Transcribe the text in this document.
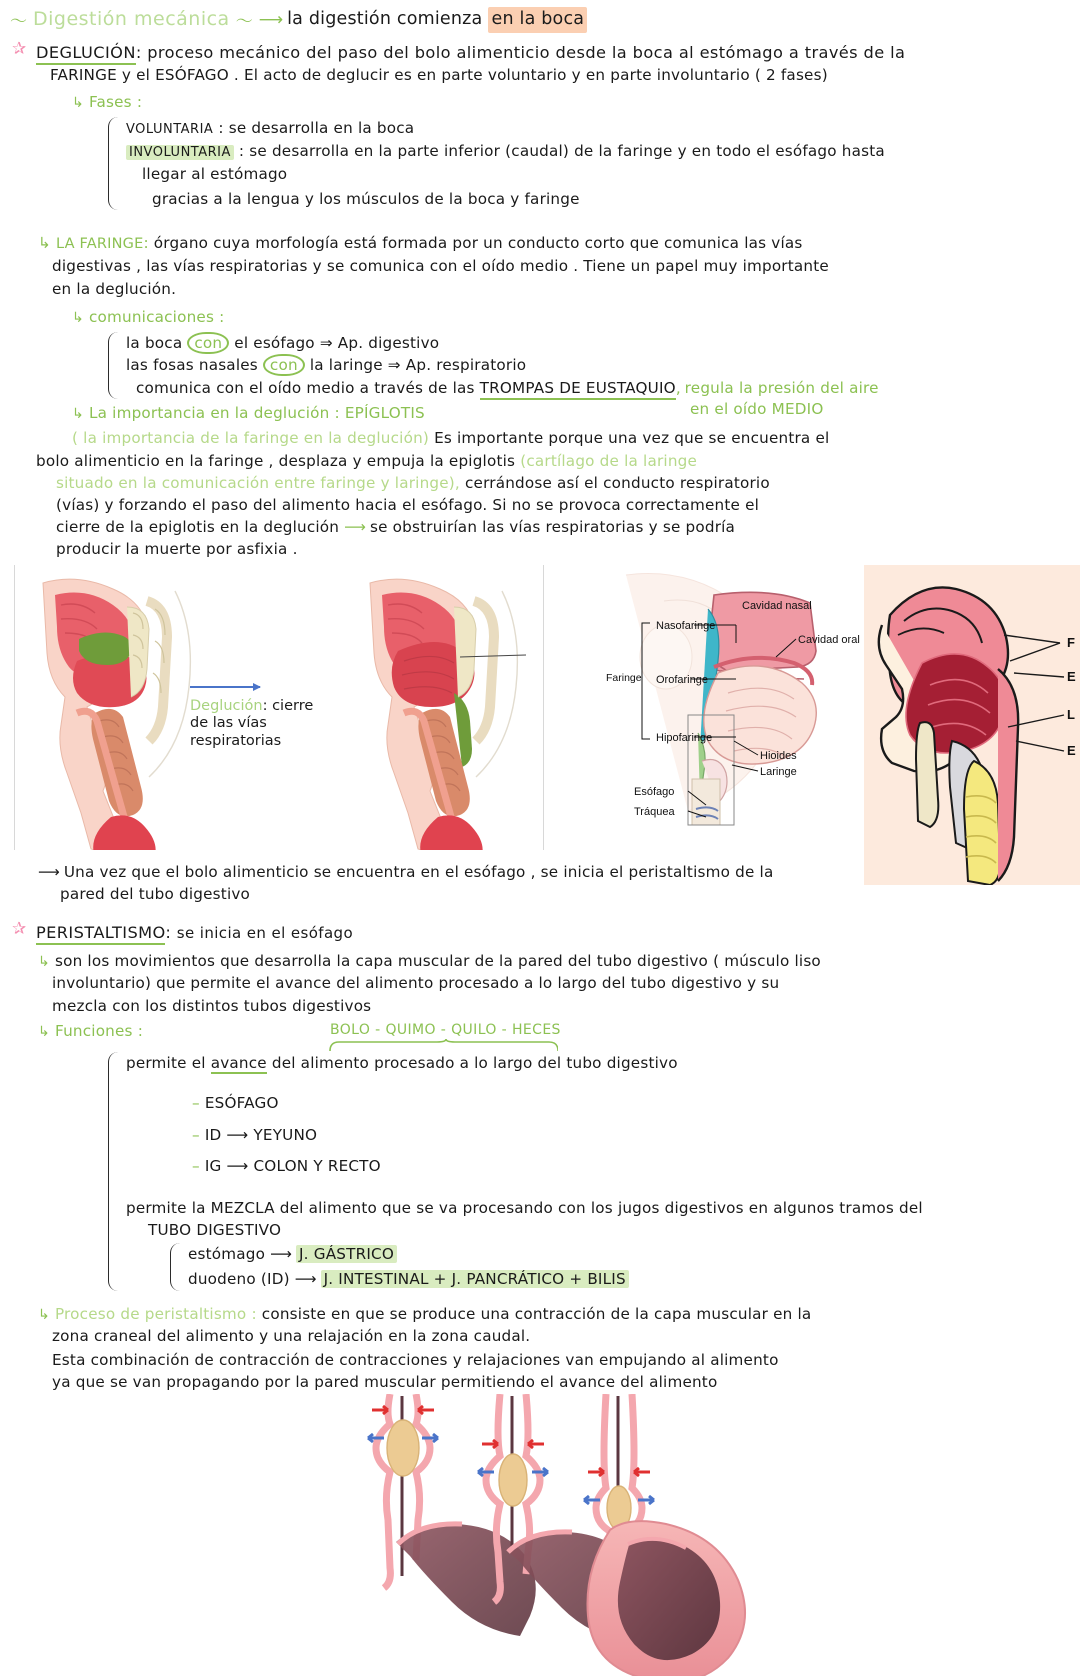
〜 Digestión mecánica 〜 ⟶ la digestión comienza en la boca
✰ DEGLUCIÓN: proceso mecánico del paso del bolo alimenticio desde la boca al estómago a través de la
FARINGE y el ESÓFAGO . El acto de deglucir es en parte voluntario y en parte involuntario ( 2 fases)
↳ Fases :
VOLUNTARIA : se desarrolla en la boca
INVOLUNTARIA : se desarrolla en la parte inferior (caudal) de la faringe y en todo el esófago hasta
llegar al estómago
gracias a la lengua y los músculos de la boca y faringe
↳ LA FARINGE: órgano cuya morfología está formada por un conducto corto que comunica las vías
digestivas , las vías respiratorias y se comunica con el oído medio . Tiene un papel muy importante
en la deglución.
↳ comunicaciones :
la boca con el esófago ⇒ Ap. digestivo
las fosas nasales con la laringe ⇒ Ap. respiratorio
comunica con el oído medio a través de las TROMPAS DE EUSTAQUIO, regula la presión del aire
en el oído MEDIO
↳ La importancia en la deglución : EPÍGLOTIS
( la importancia de la faringe en la deglución) Es importante porque una vez que se encuentra el
bolo alimenticio en la faringe , desplaza y empuja la epiglotis (cartílago de la laringe
situado en la comunicación entre faringe y laringe), cerrándose así el conducto respiratorio
(vías) y forzando el paso del alimento hacia el esófago. Si no se provoca correctamente el
cierre de la epiglotis en la deglución ⟶ se obstruirían las vías respiratorias y se podría
producir la muerte por asfixia .
Deglución: cierre
de las vías
respiratorias
Faringe
Nasofaringe
Orofaringe
Hipofaringe
Cavidad nasal
Cavidad oral
Hioides
Laringe
Esófago
Tráquea
F
E
L
E
⟶ Una vez que el bolo alimenticio se encuentra en el esófago , se inicia el peristaltismo de la
pared del tubo digestivo
✰ PERISTALTISMO: se inicia en el esófago
↳ son los movimientos que desarrolla la capa muscular de la pared del tubo digestivo ( músculo liso
involuntario) que permite el avance del alimento procesado a lo largo del tubo digestivo y su
mezcla con los distintos tubos digestivos
↳ Funciones :	BOLO - QUIMO - QUILO - HECES
permite el avance del alimento procesado a lo largo del tubo digestivo
– ESÓFAGO
– ID ⟶ YEYUNO
– IG ⟶ COLON Y RECTO
permite la MEZCLA del alimento que se va procesando con los jugos digestivos en algunos tramos del
TUBO DIGESTIVO
estómago ⟶ J. GÁSTRICO
duodeno (ID) ⟶ J. INTESTINAL + J. PANCRÁTICO + BILIS
↳ Proceso de peristaltismo : consiste en que se produce una contracción de la capa muscular en la
zona craneal del alimento y una relajación en la zona caudal.
Esta combinación de contracción de contracciones y relajaciones van empujando al alimento
ya que se van propagando por la pared muscular permitiendo el avance del alimento
